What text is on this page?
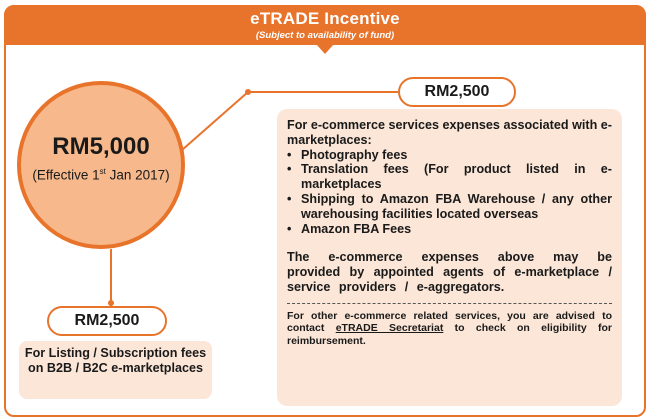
eTRADE Incentive
(Subject to availability of fund)
RM5,000
(Effective 1st Jan 2017)
RM2,500
For e-commerce services expenses associated with e-marketplaces:
• Photography fees
• Translation fees (For product listed in e-marketplaces
• Shipping to Amazon FBA Warehouse / any other warehousing facilities located overseas
• Amazon FBA Fees
The e-commerce expenses above may be provided by appointed agents of e-marketplace / service providers / e-aggregators.
For other e-commerce related services, you are advised to contact eTRADE Secretariat to check on eligibility for reimbursement.
RM2,500
For Listing / Subscription fees on B2B / B2C e-marketplaces
